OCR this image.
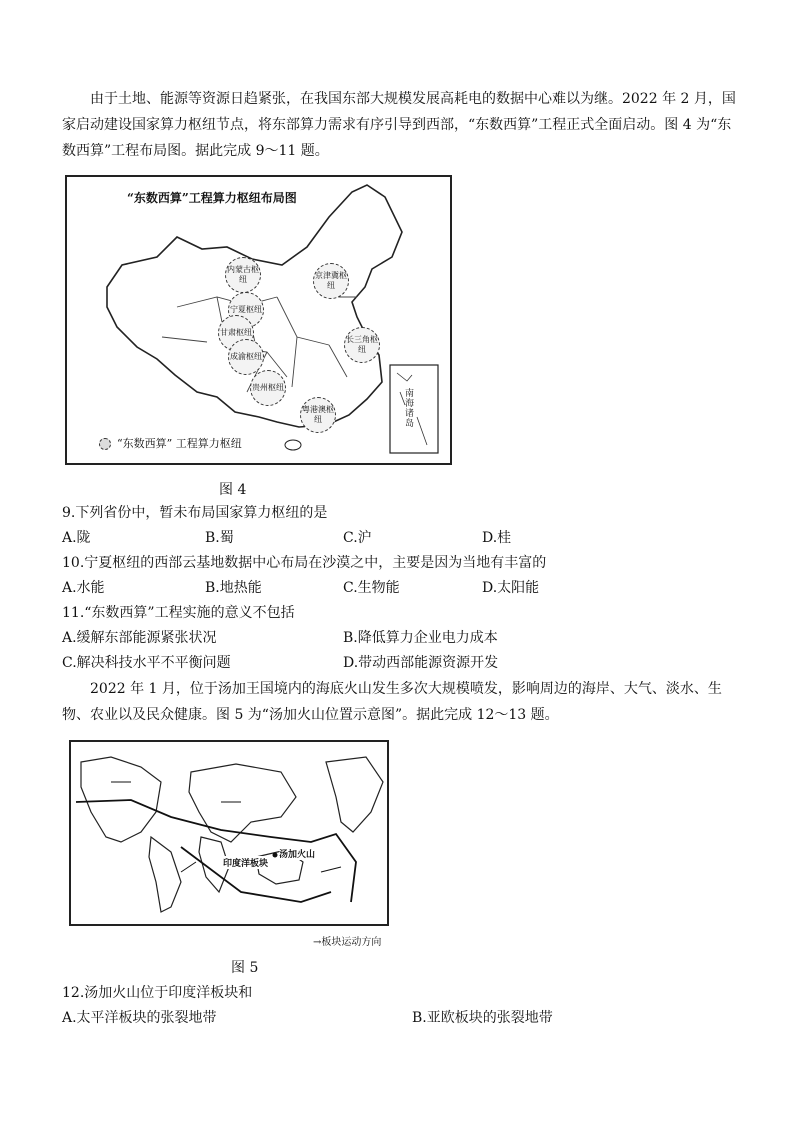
由于土地、能源等资源日趋紧张，在我国东部大规模发展高耗电的数据中心难以为继。2022 年 2 月，国家启动建设国家算力枢纽节点，将东部算力需求有序引导到西部，“东数西算”工程正式全面启动。图 4 为“东数西算”工程布局图。据此完成 9～11 题。
“东数西算”工程算力枢纽布局图
内蒙古枢纽	京津冀枢纽
宁夏枢纽
甘肃枢纽
成渝枢纽
长三角枢纽
贵州枢纽
粤港澳枢纽
南海诸岛
“东数西算” 工程算力枢纽
图 4
9.下列省份中，暂未布局国家算力枢纽的是
A.陇	B.蜀	C.沪	D.桂
10.宁夏枢纽的西部云基地数据中心布局在沙漠之中，主要是因为当地有丰富的
A.水能	B.地热能	C.生物能	D.太阳能
11.“东数西算”工程实施的意义不包括
A.缓解东部能源紧张状况	B.降低算力企业电力成本
C.解决科技水平不平衡问题	D.带动西部能源资源开发
2022 年 1 月，位于汤加王国境内的海底火山发生多次大规模喷发，影响周边的海岸、大气、淡水、生物、农业以及民众健康。图 5 为“汤加火山位置示意图”。据此完成 12～13 题。
印度洋板块
汤加火山
→板块运动方向
图 5
12.汤加火山位于印度洋板块和
A.太平洋板块的张裂地带	B.亚欧板块的张裂地带
